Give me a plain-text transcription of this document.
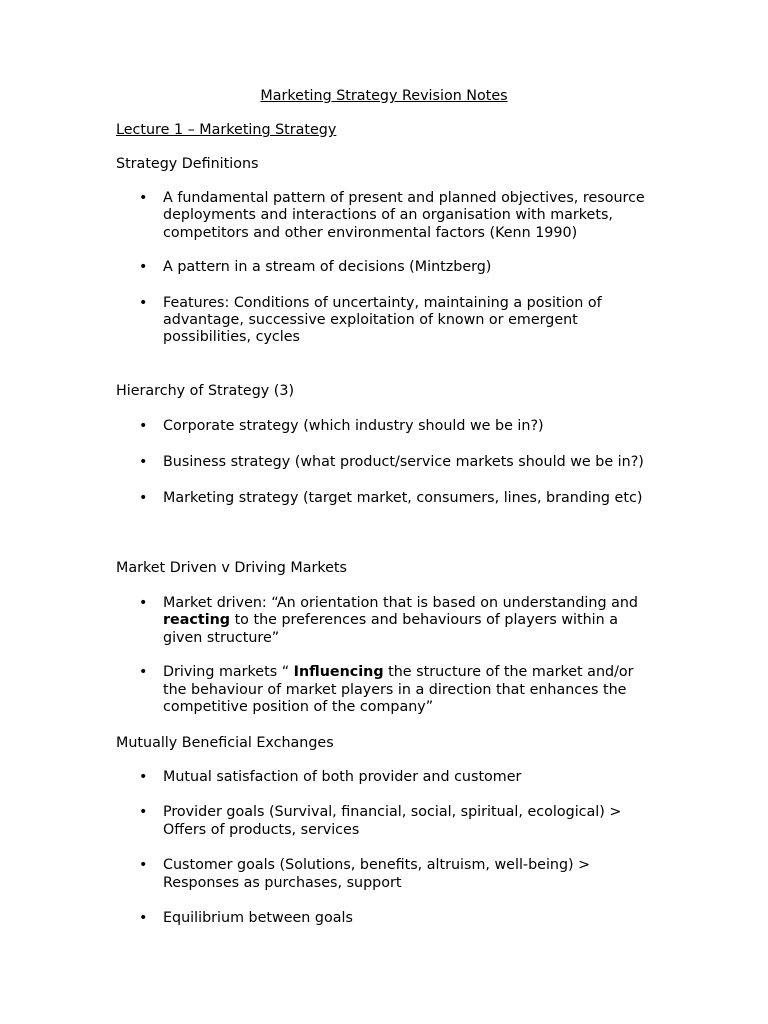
Marketing Strategy Revision Notes
Lecture 1 – Marketing Strategy
Strategy Definitions
• A fundamental pattern of present and planned objectives, resource deployments and interactions of an organisation with markets, competitors and other environmental factors (Kenn 1990)
• A pattern in a stream of decisions (Mintzberg)
• Features: Conditions of uncertainty, maintaining a position of advantage, successive exploitation of known or emergent possibilities, cycles
Hierarchy of Strategy (3)
• Corporate strategy (which industry should we be in?)
• Business strategy (what product/service markets should we be in?)
• Marketing strategy (target market, consumers, lines, branding etc)
Market Driven v Driving Markets
• Market driven: “An orientation that is based on understanding and reacting to the preferences and behaviours of players within a given structure”
• Driving markets “ Influencing the structure of the market and/or the behaviour of market players in a direction that enhances the competitive position of the company”
Mutually Beneficial Exchanges
• Mutual satisfaction of both provider and customer
• Provider goals (Survival, financial, social, spiritual, ecological) > Offers of products, services
• Customer goals (Solutions, benefits, altruism, well-being) > Responses as purchases, support
• Equilibrium between goals
